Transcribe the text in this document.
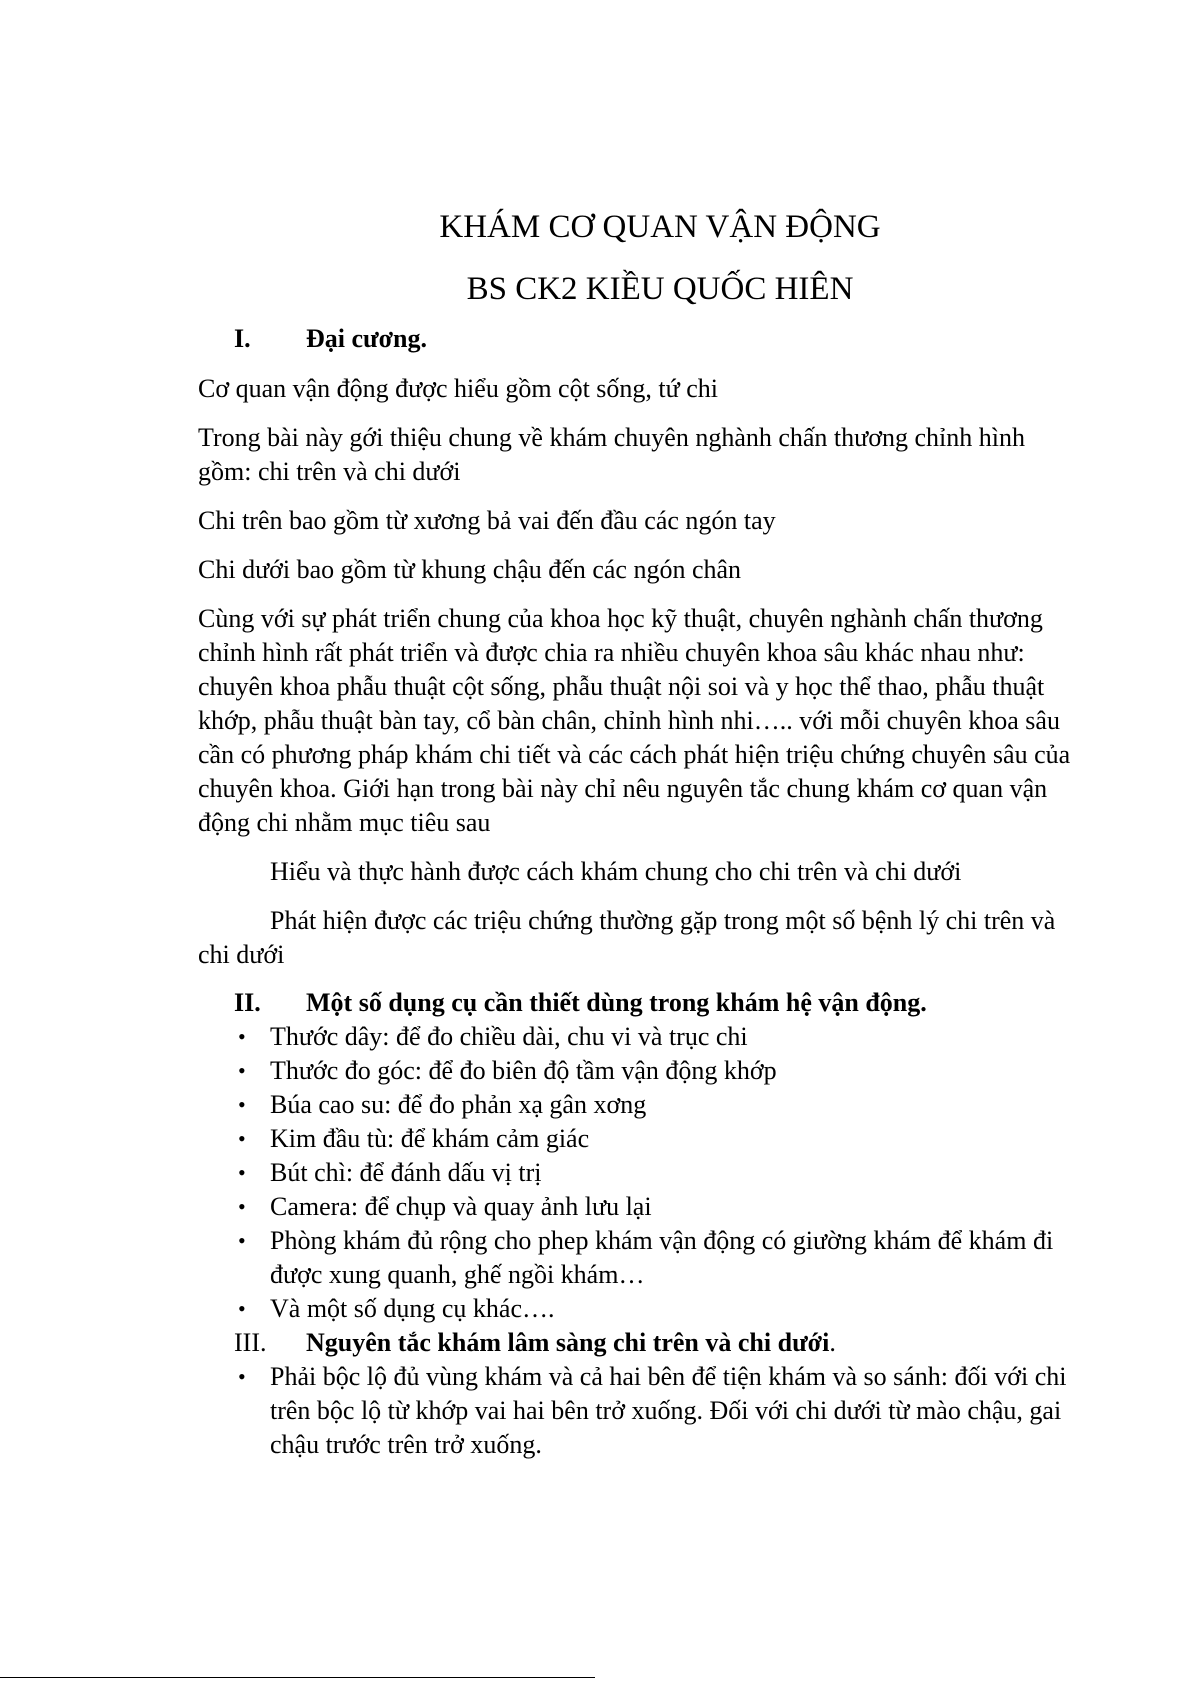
KHÁM CƠ QUAN VẬN ĐỘNG
BS CK2 KIỀU QUỐC HIÊN
I.	Đại cương.

Cơ quan vận động được hiểu gồm cột sống, tứ chi

Trong bài này gới thiệu chung về khám chuyên nghành chấn thương chỉnh hình gồm: chi trên và chi dưới

Chi trên bao gồm từ xương bả vai đến đầu các ngón tay

Chi dưới bao gồm từ khung chậu đến các ngón chân

Cùng với sự phát triển chung của khoa học kỹ thuật, chuyên nghành chấn thương chỉnh hình rất phát triển và được chia ra nhiều chuyên khoa sâu khác nhau như: chuyên khoa phẫu thuật cột sống, phẫu thuật nội soi và y học thể thao, phẫu thuật khớp, phẫu thuật bàn tay, cổ bàn chân, chỉnh hình nhi….. với mỗi chuyên khoa sâu cần có phương pháp khám chi tiết và các cách phát hiện triệu chứng chuyên sâu của chuyên khoa. Giới hạn trong bài này chỉ nêu nguyên tắc chung khám cơ quan vận động chi nhằm mục tiêu sau

Hiểu và thực hành được cách khám chung cho chi trên và chi dưới

Phát hiện được các triệu chứng thường gặp trong một số bệnh lý chi trên và chi dưới

II.	Một số dụng cụ cần thiết dùng trong khám hệ vận động.
• Thước dây: để đo chiều dài, chu vi và trục chi
• Thước đo góc: để đo biên độ tầm vận động khớp
• Búa cao su: để đo phản xạ gân xơng
• Kim đầu tù: để khám cảm giác
• Bút chì: để đánh dấu vị trị
• Camera: để chụp và quay ảnh lưu lại
• Phòng khám đủ rộng cho phep khám vận động có giường khám để khám đi được xung quanh, ghế ngồi khám…
• Và một số dụng cụ khác….
III.	Nguyên tắc khám lâm sàng chi trên và chi dưới.
• Phải bộc lộ đủ vùng khám và cả hai bên để tiện khám và so sánh: đối với chi trên bộc lộ từ khớp vai hai bên trở xuống. Đối với chi dưới từ mào chậu, gai chậu trước trên trở xuống.
